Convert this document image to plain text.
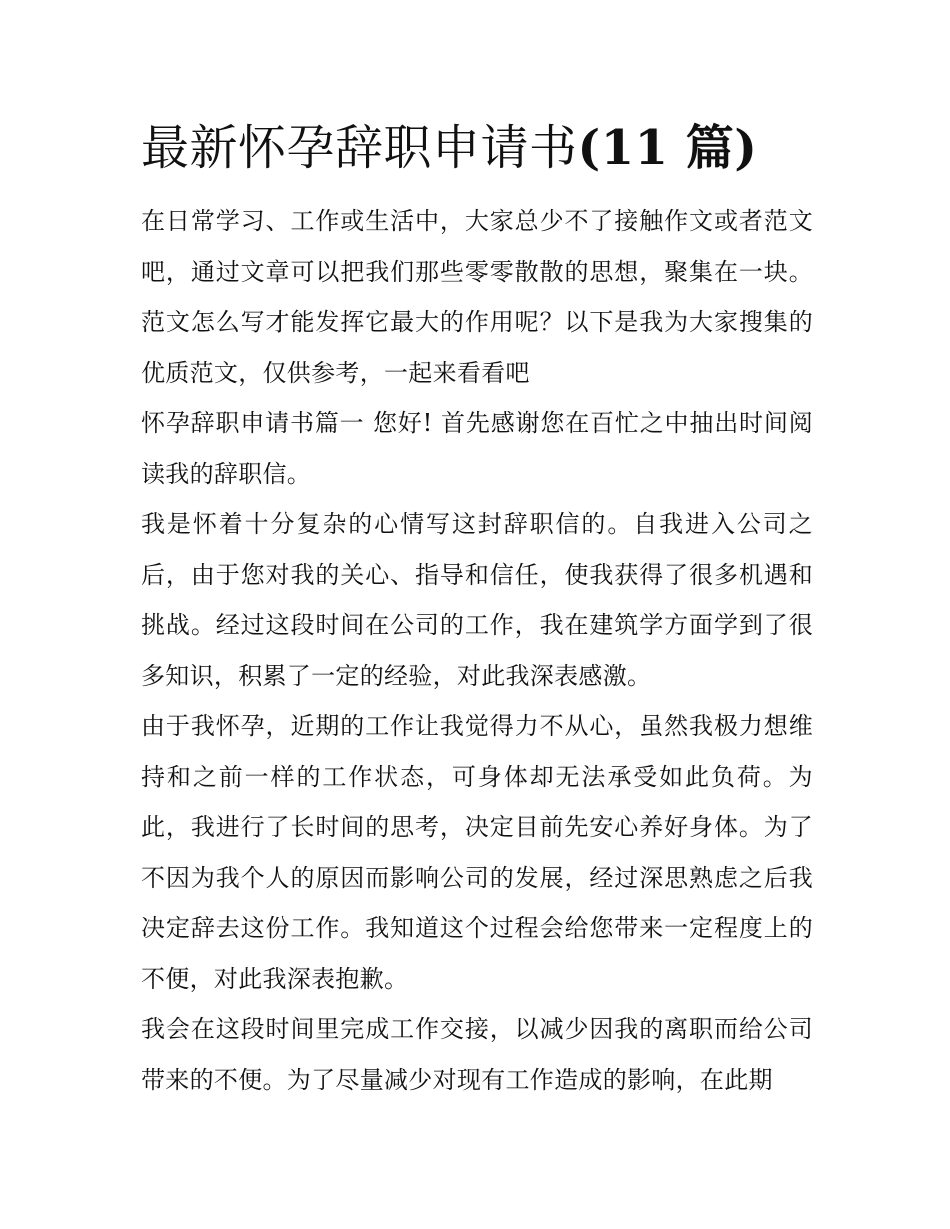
最新怀孕辞职申请书(11 篇)

在日常学习、工作或生活中，大家总少不了接触作文或者范文吧，通过文章可以把我们那些零零散散的思想，聚集在一块。范文怎么写才能发挥它最大的作用呢？以下是我为大家搜集的优质范文，仅供参考，一起来看看吧

怀孕辞职申请书篇一 您好! 首先感谢您在百忙之中抽出时间阅读我的辞职信。

我是怀着十分复杂的心情写这封辞职信的。自我进入公司之后，由于您对我的关心、指导和信任，使我获得了很多机遇和挑战。经过这段时间在公司的工作，我在建筑学方面学到了很多知识，积累了一定的经验，对此我深表感激。

由于我怀孕，近期的工作让我觉得力不从心，虽然我极力想维持和之前一样的工作状态，可身体却无法承受如此负荷。为此，我进行了长时间的思考，决定目前先安心养好身体。为了不因为我个人的原因而影响公司的发展，经过深思熟虑之后我决定辞去这份工作。我知道这个过程会给您带来一定程度上的不便，对此我深表抱歉。

我会在这段时间里完成工作交接，以减少因我的离职而给公司带来的不便。为了尽量减少对现有工作造成的影响，在此期
